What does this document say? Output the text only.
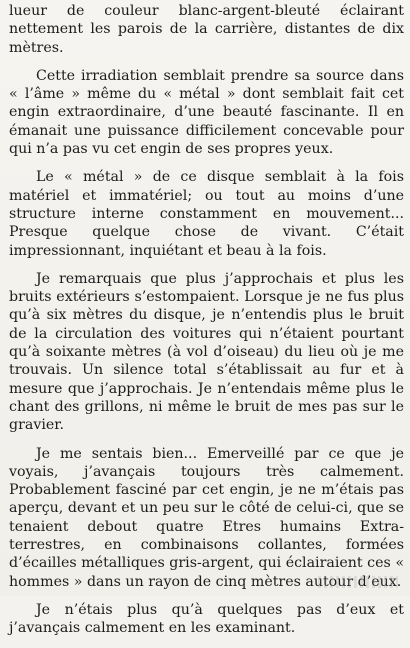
lueur de couleur blanc-argent-bleuté éclairant nettement les parois de la carrière, distantes de dix mètres.

Cette irradiation semblait prendre sa source dans « l’âme » même du « métal » dont semblait fait cet engin extraordinaire, d’une beauté fascinante. Il en émanait une puissance difficilement concevable pour qui n’a pas vu cet engin de ses propres yeux.

Le « métal » de ce disque semblait à la fois matériel et immatériel; ou tout au moins d’une structure interne constamment en mouvement... Presque quelque chose de vivant. C’était impressionnant, inquiétant et beau à la fois.

Je remarquais que plus j’approchais et plus les bruits extérieurs s’estompaient. Lorsque je ne fus plus qu’à six mètres du disque, je n’entendis plus le bruit de la circulation des voitures qui n’étaient pourtant qu’à soixante mètres (à vol d’oiseau) du lieu où je me trouvais. Un silence total s’établissait au fur et à mesure que j’approchais. Je n’entendais même plus le chant des grillons, ni même le bruit de mes pas sur le gravier.

Je me sentais bien... Emerveillé par ce que je voyais, j’avançais toujours très calmement. Probablement fasciné par cet engin, je ne m’étais pas aperçu, devant et un peu sur le côté de celui-ci, que se tenaient debout quatre Etres humains Extra-terrestres, en combinaisons collantes, formées d’écailles métalliques gris-argent, qui éclairaient ces « hommes » dans un rayon de cinq mètres autour d’eux.

Je n’étais plus qu’à quelques pas d’eux et j’avançais calmement en les examinant.
